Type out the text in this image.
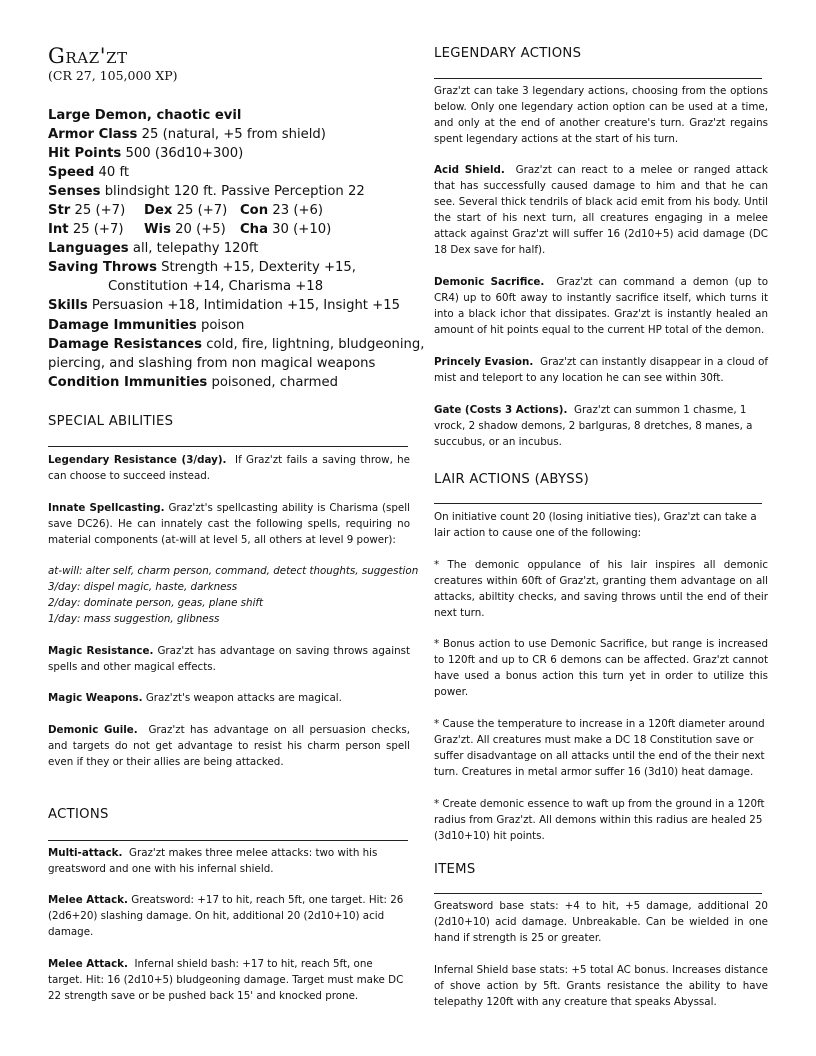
Graz'zt
(CR 27, 105,000 XP)
Large Demon, chaotic evil
Armor Class 25 (natural, +5 from shield)
Hit Points 500 (36d10+300)
Speed 40 ft
Senses blindsight 120 ft. Passive Perception 22
Str 25 (+7) Dex 25 (+7) Con 23 (+6)
Int 25 (+7) Wis 20 (+5) Cha 30 (+10)
Languages all, telepathy 120ft
Saving Throws Strength +15, Dexterity +15,
Constitution +14, Charisma +18
Skills Persuasion +18, Intimidation +15, Insight +15
Damage Immunities poison
Damage Resistances cold, fire, lightning, bludgeoning,
piercing, and slashing from non magical weapons
Condition Immunities poisoned, charmed
SPECIAL ABILITIES
Legendary Resistance (3/day). If Graz'zt fails a saving throw, he can choose to succeed instead.
Innate Spellcasting. Graz'zt's spellcasting ability is Charisma (spell save DC26). He can innately cast the following spells, requiring no material components (at-will at level 5, all others at level 9 power):
at-will: alter self, charm person, command, detect thoughts, suggestion
3/day: dispel magic, haste, darkness
2/day: dominate person, geas, plane shift
1/day: mass suggestion, glibness
Magic Resistance. Graz'zt has advantage on saving throws against spells and other magical effects.
Magic Weapons. Graz'zt's weapon attacks are magical.
Demonic Guile. Graz'zt has advantage on all persuasion checks, and targets do not get advantage to resist his charm person spell even if they or their allies are being attacked.
ACTIONS
Multi-attack. Graz'zt makes three melee attacks: two with his greatsword and one with his infernal shield.
Melee Attack. Greatsword: +17 to hit, reach 5ft, one target. Hit: 26 (2d6+20) slashing damage. On hit, additional 20 (2d10+10) acid damage.
Melee Attack. Infernal shield bash: +17 to hit, reach 5ft, one target. Hit: 16 (2d10+5) bludgeoning damage. Target must make DC 22 strength save or be pushed back 15' and knocked prone.
LEGENDARY ACTIONS
Graz'zt can take 3 legendary actions, choosing from the options below. Only one legendary action option can be used at a time, and only at the end of another creature's turn. Graz'zt regains spent legendary actions at the start of his turn.
Acid Shield. Graz'zt can react to a melee or ranged attack that has successfully caused damage to him and that he can see. Several thick tendrils of black acid emit from his body. Until the start of his next turn, all creatures engaging in a melee attack against Graz'zt will suffer 16 (2d10+5) acid damage (DC 18 Dex save for half).
Demonic Sacrifice. Graz'zt can command a demon (up to CR4) up to 60ft away to instantly sacrifice itself, which turns it into a black ichor that dissipates. Graz'zt is instantly healed an amount of hit points equal to the current HP total of the demon.
Princely Evasion. Graz'zt can instantly disappear in a cloud of mist and teleport to any location he can see within 30ft.
Gate (Costs 3 Actions). Graz'zt can summon 1 chasme, 1 vrock, 2 shadow demons, 2 barlguras, 8 dretches, 8 manes, a succubus, or an incubus.
LAIR ACTIONS (ABYSS)
On initiative count 20 (losing initiative ties), Graz'zt can take a lair action to cause one of the following:
* The demonic oppulance of his lair inspires all demonic creatures within 60ft of Graz'zt, granting them advantage on all attacks, abiltity checks, and saving throws until the end of their next turn.
* Bonus action to use Demonic Sacrifice, but range is increased to 120ft and up to CR 6 demons can be affected. Graz'zt cannot have used a bonus action this turn yet in order to utilize this power.
* Cause the temperature to increase in a 120ft diameter around Graz'zt. All creatures must make a DC 18 Constitution save or suffer disadvantage on all attacks until the end of the their next turn. Creatures in metal armor suffer 16 (3d10) heat damage.
* Create demonic essence to waft up from the ground in a 120ft radius from Graz'zt. All demons within this radius are healed 25 (3d10+10) hit points.
ITEMS
Greatsword base stats: +4 to hit, +5 damage, additional 20 (2d10+10) acid damage. Unbreakable. Can be wielded in one hand if strength is 25 or greater.
Infernal Shield base stats: +5 total AC bonus. Increases distance of shove action by 5ft. Grants resistance the ability to have telepathy 120ft with any creature that speaks Abyssal.
